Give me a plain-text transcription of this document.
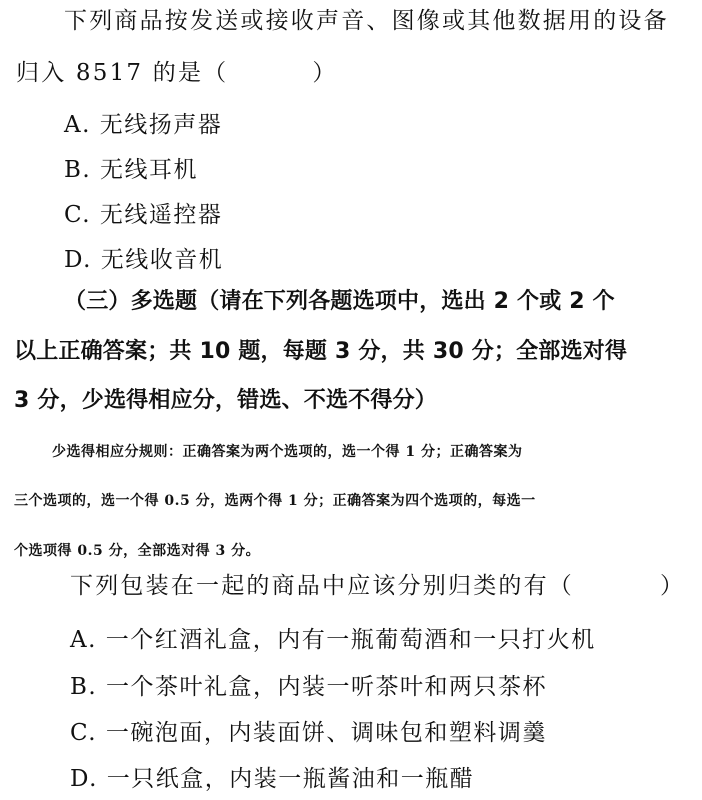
下列商品按发送或接收声音、图像或其他数据用的设备
归入 8517 的是（	）
A. 无线扬声器
B. 无线耳机
C. 无线遥控器
D. 无线收音机
（三）多选题（请在下列各题选项中，选出 2 个或 2 个
以上正确答案；共 10 题，每题 3 分，共 30 分；全部选对得
3 分，少选得相应分，错选、不选不得分）
少选得相应分规则：正确答案为两个选项的，选一个得 1 分；正确答案为
三个选项的，选一个得 0.5 分，选两个得 1 分；正确答案为四个选项的，每选一
个选项得 0.5 分，全部选对得 3 分。
下列包装在一起的商品中应该分别归类的有（	）
A. 一个红酒礼盒，内有一瓶葡萄酒和一只打火机
B. 一个茶叶礼盒，内装一听茶叶和两只茶杯
C. 一碗泡面，内装面饼、调味包和塑料调羹
D. 一只纸盒，内装一瓶酱油和一瓶醋
